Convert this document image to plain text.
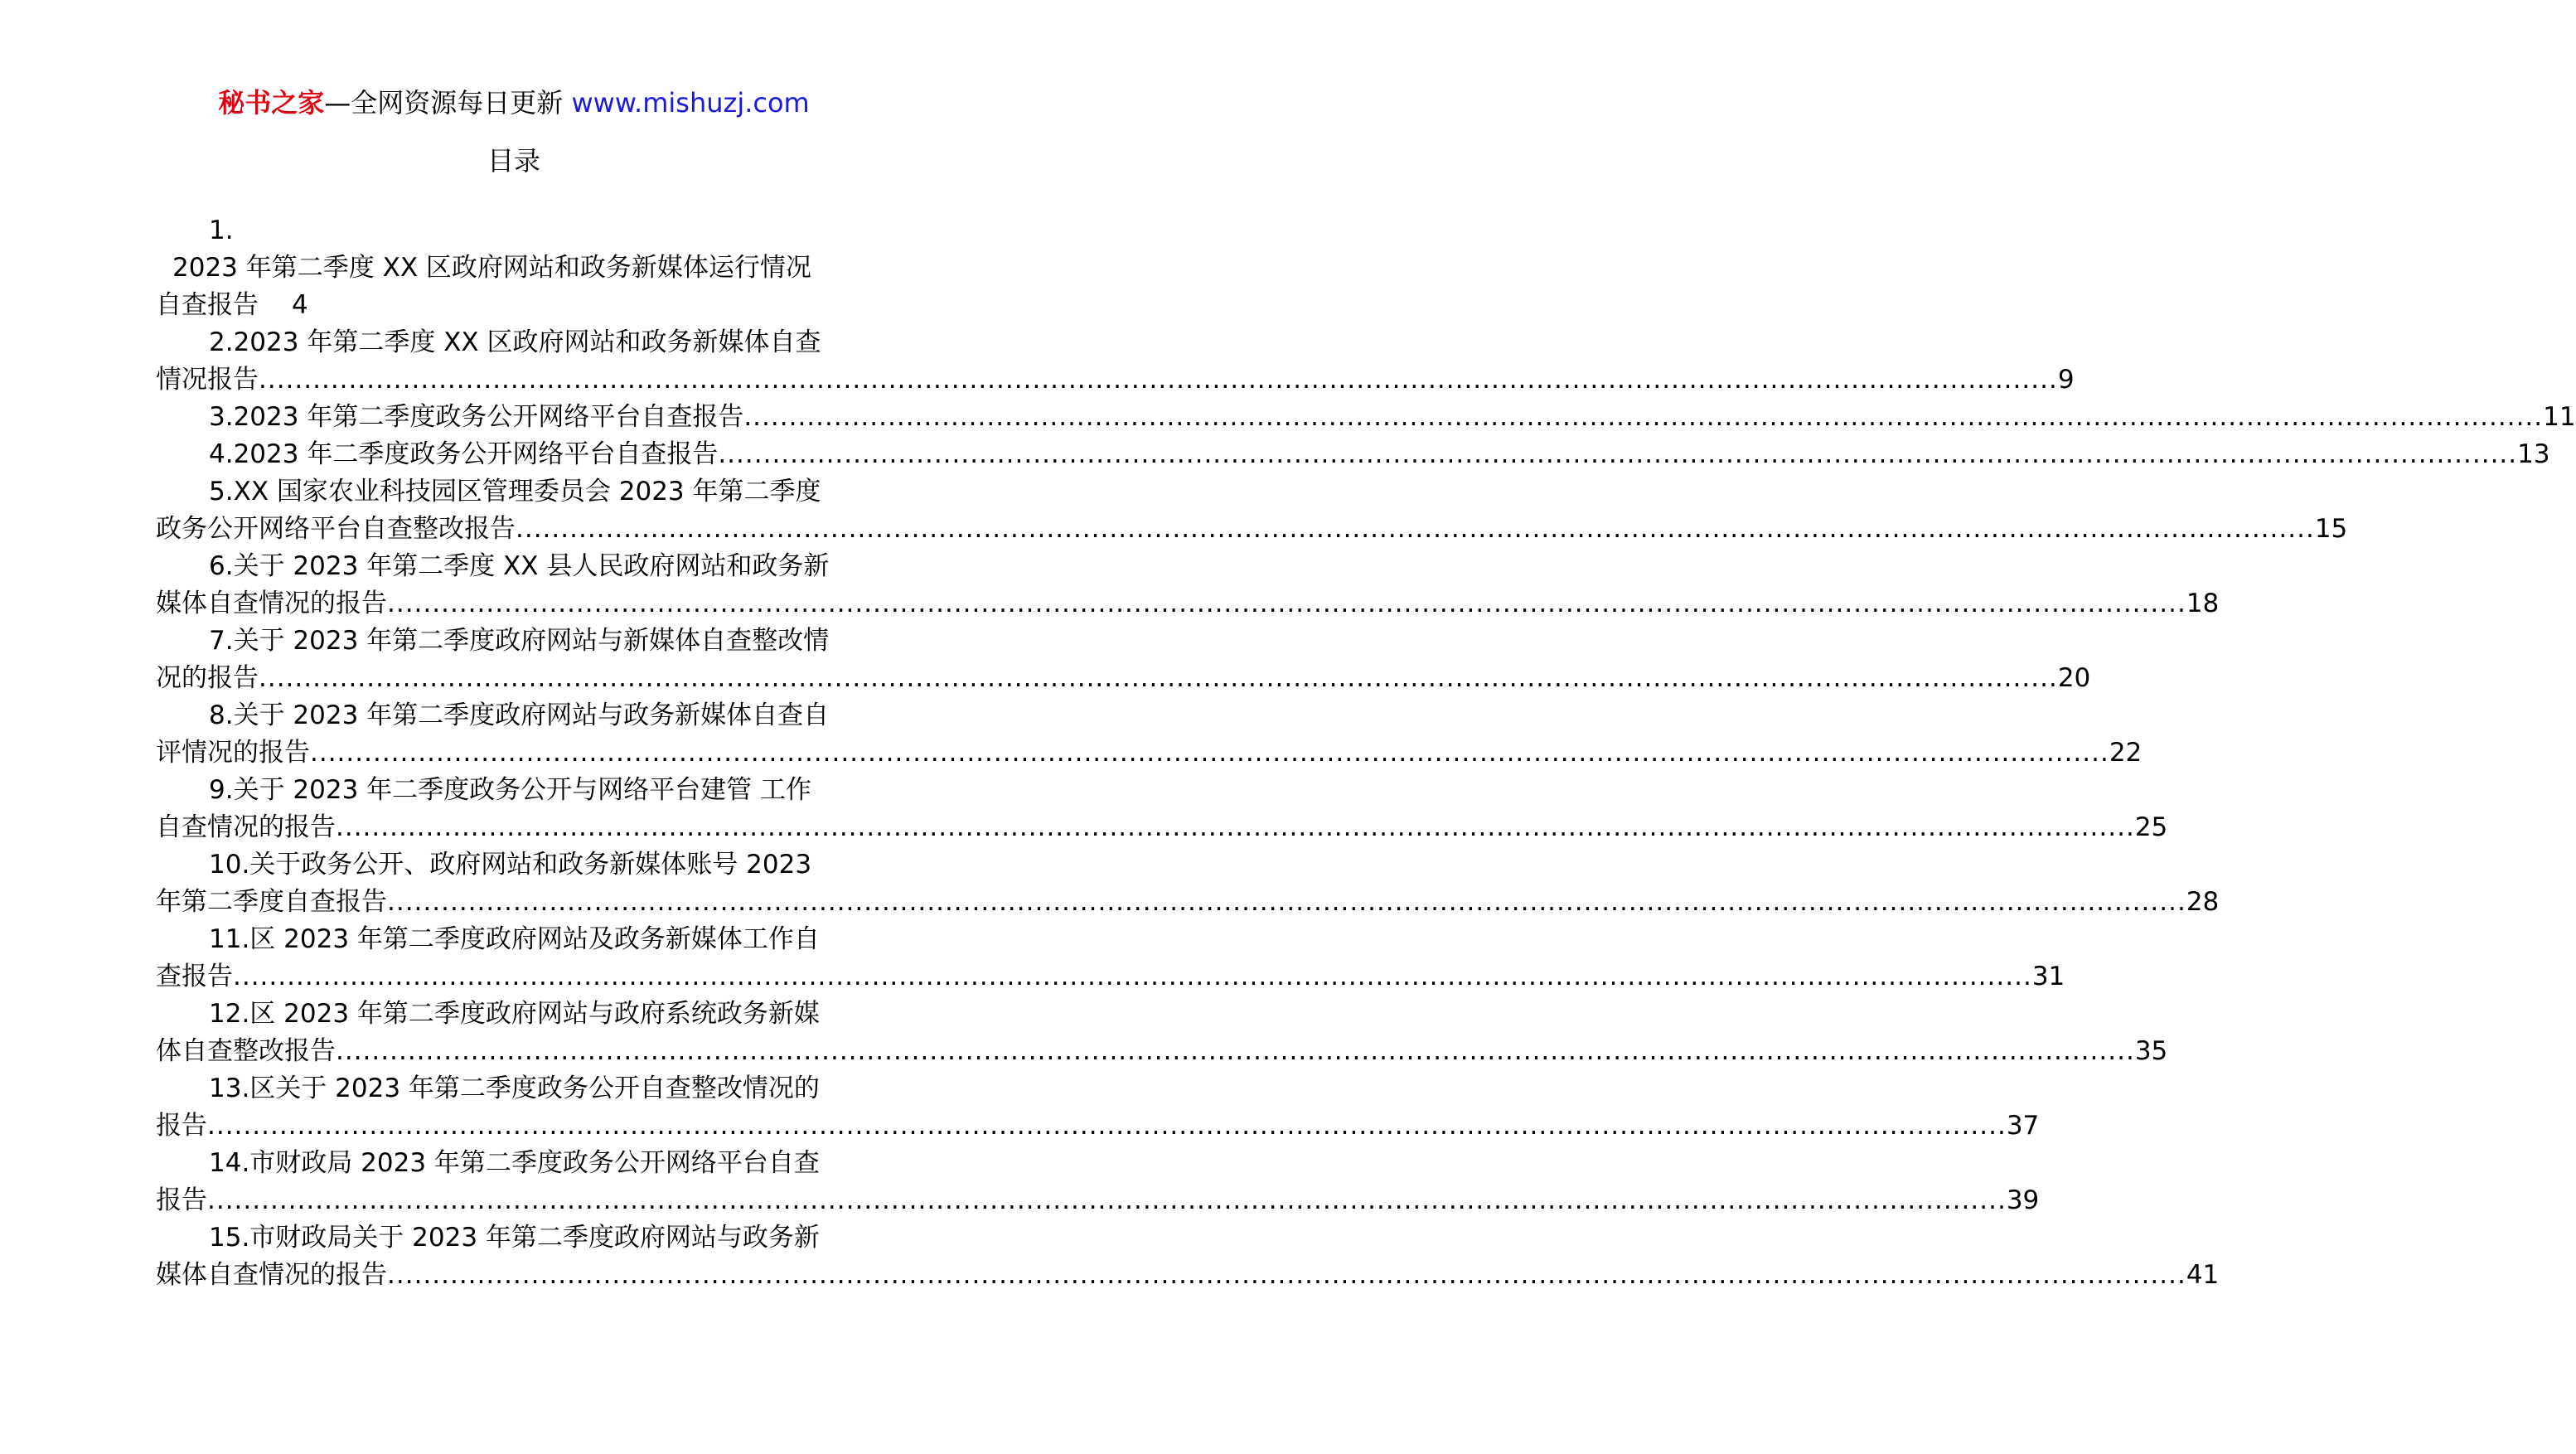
秘书之家—全网资源每日更新 www.mishuzj.com
目录
1.
2023 年第二季度 XX 区政府网站和政务新媒体运行情况
自查报告 4
2.2023 年第二季度 XX 区政府网站和政务新媒体自查
情况报告 ........................................................................................................................................................................................................ 9
3.2023 年第二季度政务公开网络平台自查报告 ........................................................................................................................................................................................................ 11
4.2023 年二季度政务公开网络平台自查报告 ........................................................................................................................................................................................................ 13
5.XX 国家农业科技园区管理委员会 2023 年第二季度
政务公开网络平台自查整改报告 ........................................................................................................................................................................................................ 15
6.关于 2023 年第二季度 XX 县人民政府网站和政务新
媒体自查情况的报告 ........................................................................................................................................................................................................ 18
7.关于 2023 年第二季度政府网站与新媒体自查整改情
况的报告 ........................................................................................................................................................................................................ 20
8.关于 2023 年第二季度政府网站与政务新媒体自查自
评情况的报告 ........................................................................................................................................................................................................ 22
9.关于 2023 年二季度政务公开与网络平台建管 工作
自查情况的报告 ........................................................................................................................................................................................................ 25
10.关于政务公开、政府网站和政务新媒体账号 2023
年第二季度自查报告 ........................................................................................................................................................................................................ 28
11.区 2023 年第二季度政府网站及政务新媒体工作自
查报告 ........................................................................................................................................................................................................ 31
12.区 2023 年第二季度政府网站与政府系统政务新媒
体自查整改报告 ........................................................................................................................................................................................................ 35
13.区关于 2023 年第二季度政务公开自查整改情况的
报告 ........................................................................................................................................................................................................ 37
14.市财政局 2023 年第二季度政务公开网络平台自查
报告 ........................................................................................................................................................................................................ 39
15.市财政局关于 2023 年第二季度政府网站与政务新
媒体自查情况的报告 ........................................................................................................................................................................................................ 41
